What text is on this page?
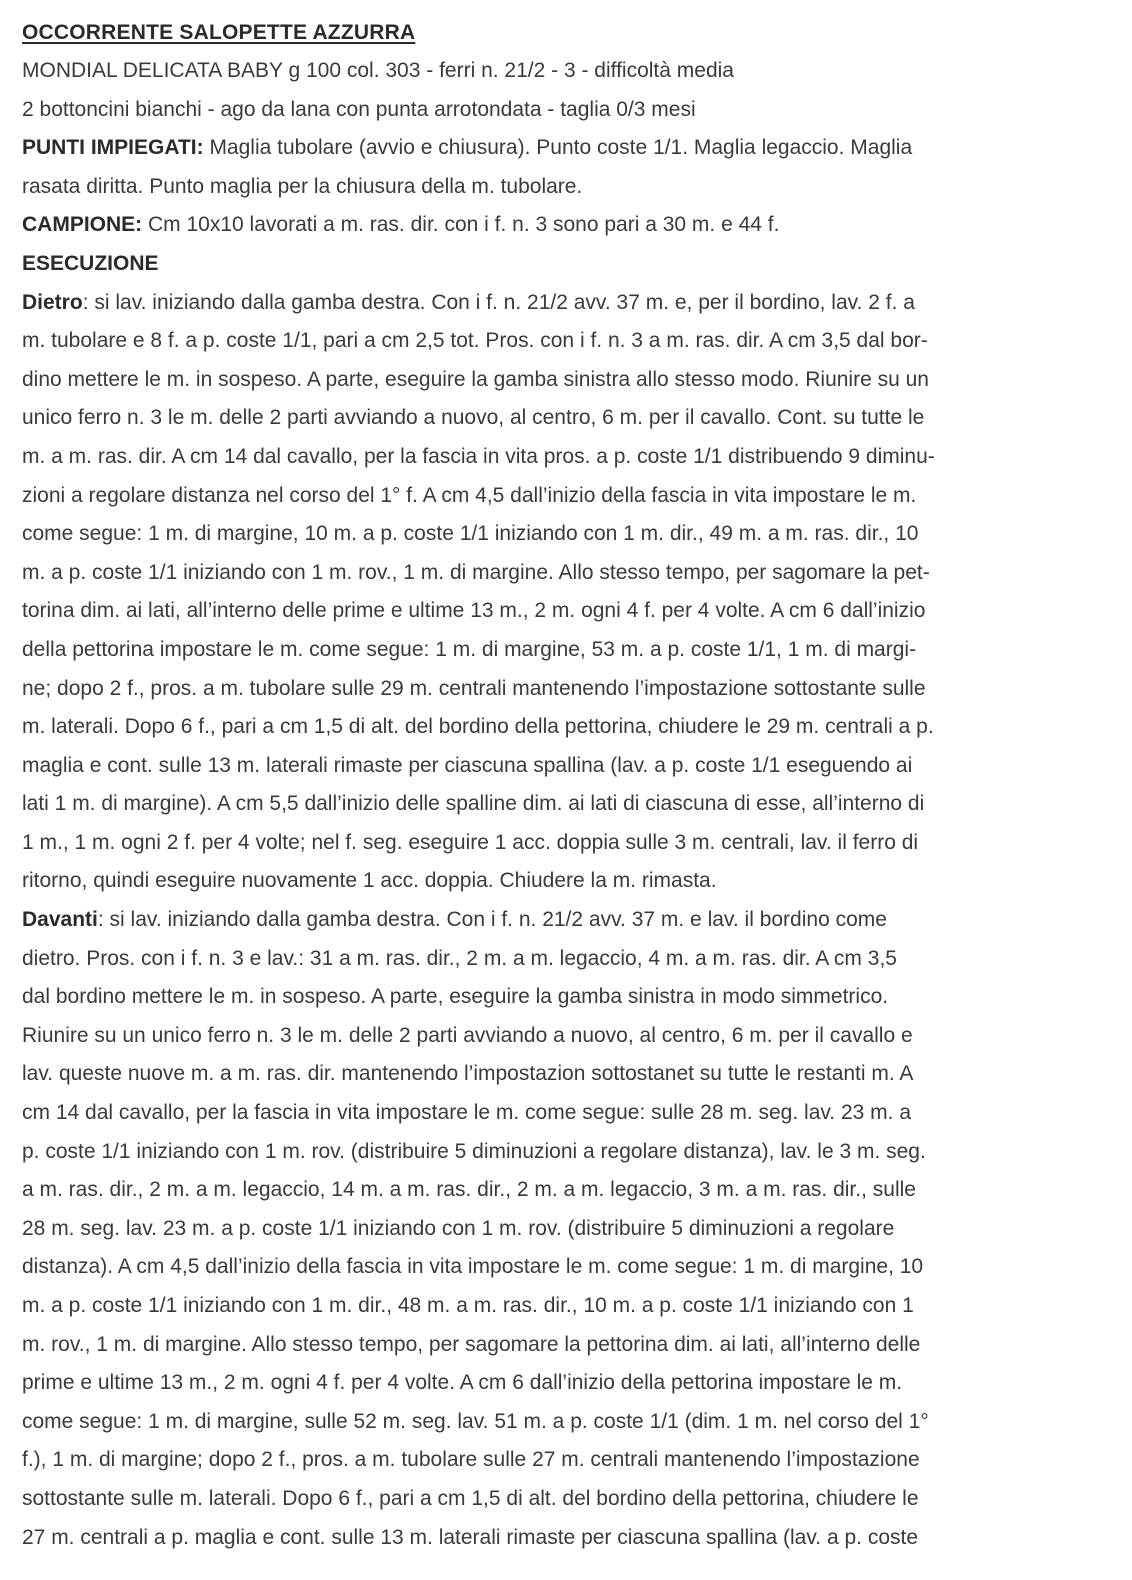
OCCORRENTE SALOPETTE AZZURRA

MONDIAL DELICATA BABY g 100 col. 303 - ferri n. 21/2 - 3 - difficoltà media

2 bottoncini bianchi - ago da lana con punta arrotondata - taglia 0/3 mesi

PUNTI IMPIEGATI: Maglia tubolare (avvio e chiusura). Punto coste 1/1. Maglia legaccio. Maglia

rasata diritta. Punto maglia per la chiusura della m. tubolare.

CAMPIONE: Cm 10x10 lavorati a m. ras. dir. con i f. n. 3 sono pari a 30 m. e 44 f.

ESECUZIONE

Dietro: si lav. iniziando dalla gamba destra. Con i f. n. 21/2 avv. 37 m. e, per il bordino, lav. 2 f. a

m. tubolare e 8 f. a p. coste 1/1, pari a cm 2,5 tot. Pros. con i f. n. 3 a m. ras. dir. A cm 3,5 dal bor-

dino mettere le m. in sospeso. A parte, eseguire la gamba sinistra allo stesso modo. Riunire su un

unico ferro n. 3 le m. delle 2 parti avviando a nuovo, al centro, 6 m. per il cavallo. Cont. su tutte le

m. a m. ras. dir. A cm 14 dal cavallo, per la fascia in vita pros. a p. coste 1/1 distribuendo 9 diminu-

zioni a regolare distanza nel corso del 1° f. A cm 4,5 dall’inizio della fascia in vita impostare le m.

come segue: 1 m. di margine, 10 m. a p. coste 1/1 iniziando con 1 m. dir., 49 m. a m. ras. dir., 10

m. a p. coste 1/1 iniziando con 1 m. rov., 1 m. di margine. Allo stesso tempo, per sagomare la pet-

torina dim. ai lati, all’interno delle prime e ultime 13 m., 2 m. ogni 4 f. per 4 volte. A cm 6 dall’inizio

della pettorina impostare le m. come segue: 1 m. di margine, 53 m. a p. coste 1/1, 1 m. di margi-

ne; dopo 2 f., pros. a m. tubolare sulle 29 m. centrali mantenendo l’impostazione sottostante sulle

m. laterali. Dopo 6 f., pari a cm 1,5 di alt. del bordino della pettorina, chiudere le 29 m. centrali a p.

maglia e cont. sulle 13 m. laterali rimaste per ciascuna spallina (lav. a p. coste 1/1 eseguendo ai

lati 1 m. di margine). A cm 5,5 dall’inizio delle spalline dim. ai lati di ciascuna di esse, all’interno di

1 m., 1 m. ogni 2 f. per 4 volte; nel f. seg. eseguire 1 acc. doppia sulle 3 m. centrali, lav. il ferro di

ritorno, quindi eseguire nuovamente 1 acc. doppia. Chiudere la m. rimasta.

Davanti: si lav. iniziando dalla gamba destra. Con i f. n. 21/2 avv. 37 m. e lav. il bordino come

dietro. Pros. con i f. n. 3 e lav.: 31 a m. ras. dir., 2 m. a m. legaccio, 4 m. a m. ras. dir. A cm 3,5

dal bordino mettere le m. in sospeso. A parte, eseguire la gamba sinistra in modo simmetrico.

Riunire su un unico ferro n. 3 le m. delle 2 parti avviando a nuovo, al centro, 6 m. per il cavallo e

lav. queste nuove m. a m. ras. dir. mantenendo l’impostazion sottostanet su tutte le restanti m. A

cm 14 dal cavallo, per la fascia in vita impostare le m. come segue: sulle 28 m. seg. lav. 23 m. a

p. coste 1/1 iniziando con 1 m. rov. (distribuire 5 diminuzioni a regolare distanza), lav. le 3 m. seg.

a m. ras. dir., 2 m. a m. legaccio, 14 m. a m. ras. dir., 2 m. a m. legaccio, 3 m. a m. ras. dir., sulle

28 m. seg. lav. 23 m. a p. coste 1/1 iniziando con 1 m. rov. (distribuire 5 diminuzioni a regolare

distanza). A cm 4,5 dall’inizio della fascia in vita impostare le m. come segue: 1 m. di margine, 10

m. a p. coste 1/1 iniziando con 1 m. dir., 48 m. a m. ras. dir., 10 m. a p. coste 1/1 iniziando con 1

m. rov., 1 m. di margine. Allo stesso tempo, per sagomare la pettorina dim. ai lati, all’interno delle

prime e ultime 13 m., 2 m. ogni 4 f. per 4 volte. A cm 6 dall’inizio della pettorina impostare le m.

come segue: 1 m. di margine, sulle 52 m. seg. lav. 51 m. a p. coste 1/1 (dim. 1 m. nel corso del 1°

f.), 1 m. di margine; dopo 2 f., pros. a m. tubolare sulle 27 m. centrali mantenendo l’impostazione

sottostante sulle m. laterali. Dopo 6 f., pari a cm 1,5 di alt. del bordino della pettorina, chiudere le

27 m. centrali a p. maglia e cont. sulle 13 m. laterali rimaste per ciascuna spallina (lav. a p. coste
